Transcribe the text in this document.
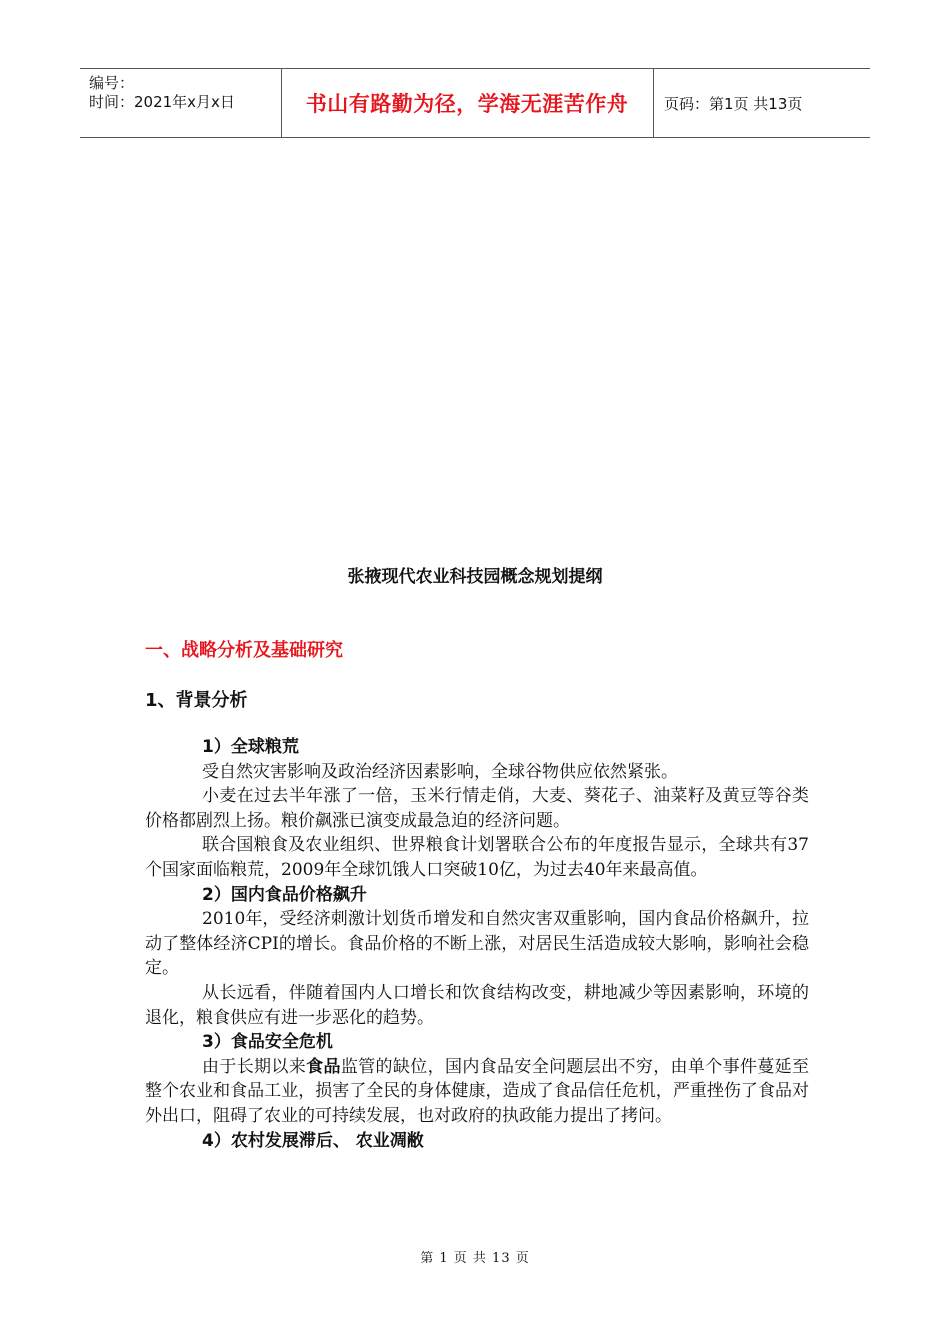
编号：
时间：2021年x月x日	书山有路勤为径，学海无涯苦作舟	页码：第1页 共13页
张掖现代农业科技园概念规划提纲
一、战略分析及基础研究
1、背景分析
1）全球粮荒

受自然灾害影响及政治经济因素影响，全球谷物供应依然紧张。

小麦在过去半年涨了一倍，玉米行情走俏，大麦、葵花子、油菜籽及黄豆等谷类价格都剧烈上扬。粮价飙涨已演变成最急迫的经济问题。

联合国粮食及农业组织、世界粮食计划署联合公布的年度报告显示，全球共有37个国家面临粮荒，2009年全球饥饿人口突破10亿，为过去40年来最高值。

2）国内食品价格飙升

2010年，受经济刺激计划货币增发和自然灾害双重影响，国内食品价格飙升，拉动了整体经济CPI的增长。食品价格的不断上涨，对居民生活造成较大影响，影响社会稳定。

从长远看，伴随着国内人口增长和饮食结构改变，耕地减少等因素影响，环境的退化，粮食供应有进一步恶化的趋势。

3）食品安全危机

由于长期以来食品监管的缺位，国内食品安全问题层出不穷，由单个事件蔓延至整个农业和食品工业，损害了全民的身体健康，造成了食品信任危机，严重挫伤了食品对外出口，阻碍了农业的可持续发展，也对政府的执政能力提出了拷问。

4）农村发展滞后、 农业凋敝
第 1 页 共 13 页
